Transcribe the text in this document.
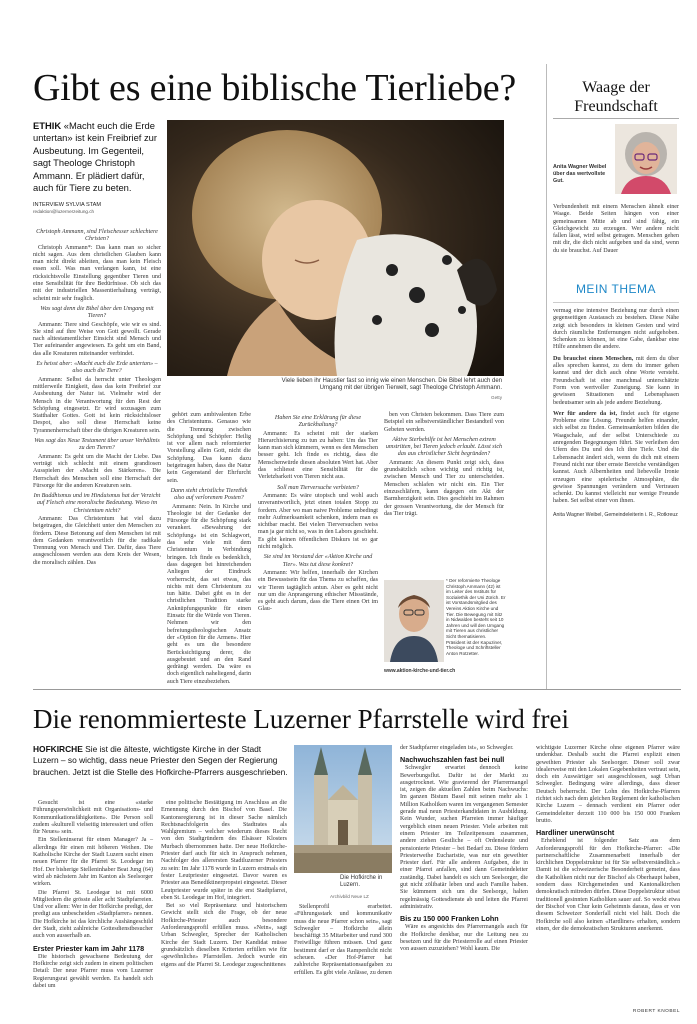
Gibt es eine biblische Tierliebe?
ETHIK «Macht euch die Erde untertan» ist kein Freibrief zur Ausbeutung. Im Gegenteil, sagt Theologe Christoph Ammann. Er plädiert dafür, auch für Tiere zu beten.
INTERVIEW SYLVIA STAM
redaktion@luzernerzeitung.ch
Viele lieben ihr Haustier fast so innig wie einen Menschen. Die Bibel lehrt auch den Umgang mit der übrigen Tierwelt, sagt Theologe Christoph Ammann.
Getty

Christoph Ammann, sind Fleischesser schlechtere Christen?

Christoph Ammann*: Das kann man so sicher nicht sagen. Aus dem christlichen Glauben kann man nicht direkt ableiten, dass man kein Fleisch essen soll. Was man verlangen kann, ist eine rücksichtsvolle Einstellung gegenüber Tieren und eine Sensibilität für ihre Bedürfnisse. Ob sich das mit der industriellen Massentierhaltung verträgt, scheint mir sehr fraglich.

Was sagt denn die Bibel über den Umgang mit Tieren?

Ammann: Tiere sind Geschöpfe, wie wir es sind. Sie sind auf ihre Weise von Gott gewollt. Gerade nach alttestamentlicher Einsicht sind Mensch und Tier aufeinander angewiesen. Es geht um ein Band, das alle Kreaturen miteinander verbindet.

Es heisst aber: «Macht euch die Erde untertan» – also auch die Tiere?

Ammann: Selbst da herrscht unter Theologen mittlerweile Einigkeit, dass das kein Freibrief zur Ausbeutung der Natur ist. Vielmehr wird der Mensch in die Verantwortung für den Rest der Schöpfung eingesetzt. Er wird sozusagen zum Statthalter Gottes. Gott ist kein rücksichtsloser Despot, also soll diese Herrschaft keine Tyrannenherrschaft über die übrigen Kreaturen sein.

Was sagt das Neue Testament über unser Verhältnis zu den Tieren?

Ammann: Es geht um die Macht der Liebe. Das verträgt sich schlecht mit einem grandiosen Ausspielen der «Macht des Stärkeren». Die Herrschaft des Menschen soll eine Herrschaft der Fürsorge für die anderen Kreaturen sein.

Im Buddhismus und im Hinduismus hat der Verzicht auf Fleisch eine moralische Bedeutung. Wieso im Christentum nicht?

Ammann: Das Christentum hat viel dazu beigetragen, die Gleichheit unter den Menschen zu fördern. Diese Betonung auf dem Menschen ist mit dem Gedanken verantwortlich für die radikale Trennung von Mensch und Tier. Dafür, dass Tiere ausgeschlossen werden aus dem Kreis der Wesen, die moralisch zählen. Das

gehört zum ambivalenten Erbe des Christentums. Genauso wie die Trennung zwischen Schöpfung und Schöpfer: Heilig ist vor allem nach reformierter Vorstellung allein Gott, nicht die Schöpfung. Das kann dazu beigetragen haben, dass die Natur kein Gegenstand der Ehrfurcht sein.

Dann steht christliche Tierethik also auf verlorenem Posten?

Ammann: Nein. In Kirche und Theologie ist der Gedanke der Fürsorge für die Schöpfung stark verankert. «Bewahrung der Schöpfung» ist ein Schlagwort, das sehr viele mit dem Christentum in Verbindung bringen. Ich finde es bedenklich, dass dagegen bei hinreichenden Anliegen der Eindruck vorherrscht, das sei etwas, das nichts mit dem Christentum zu tun hätte. Dabei gibt es in der christlichen Tradition starke Anknüpfungspunkte für einen Einsatz für die Würde von Tieren. Nehmen wir den befreiungstheologischen Ansatz der «Option für die Armen». Hier geht es um die besondere Berücksichtigung derer, die ausgebeutet und an den Rand gedrängt werden. Da wäre es doch eigentlich naheliegend, darin auch Tiere einzubeziehen.

Haben Sie eine Erklärung für diese Zurückhaltung?

Ammann: Es scheint mit der starken Hierarchisierung zu tun zu haben: Um das Tier kann man sich kümmern, wenn es den Menschen besser geht. Ich finde es richtig, dass die Menschenwürde diesen absoluten Wert hat. Aber das schliesst eine Sensibilität für die Verletzbarkeit von Tieren nicht aus.

Soll man Tierversuche verbieten?

Ammann: Es wäre utopisch und wohl auch unverantwortlich, jetzt einen totalen Stopp zu fordern. Aber wo man naive Probleme unbedingt mehr Aufmerksamkeit schenken, indem man es sichtbar macht. Bei vielen Tierversuchen weiss man ja gar nicht so, was in den Labors geschieht. Es gibt keinen öffentlichen Diskurs ist so gar nicht möglich.

Sie sind im Vorstand der «Aktion Kirche und Tier». Was tut diese konkret?

Ammann: Wir helfen, innerhalb der Kirchen ein Bewusstsein für das Thema zu schaffen, das wir Tieren tagtäglich antun. Aber es geht nicht nur um die Anprangerung ethischer Missstände, es geht auch darum, dass die Tiere einen Ort im Glau-

ben von Christen bekommen. Dass Tiere zum Beispiel ein selbstverständlicher Bestandteil von Gebeten werden.

Aktive Sterbehilfe ist bei Menschen extrem umstritten, bei Tieren jedoch erlaubt. Lässt sich das aus christlicher Sicht begründen?

Ammann: An diesem Punkt zeigt sich, dass grundsätzlich schon wichtig und richtig ist, zwischen Mensch und Tier zu unterscheiden. Menschen schlafen wir nicht ein. Ein Tier einzuschläfern, kann dagegen ein Akt der Barmherzigkeit sein. Dies geschieht im Rahmen der grossen Verantwortung, die der Mensch für das Tier trägt.

* Der reformierte Theologe Christoph Ammann (42) ist im Leiter des Instituts für Sozialethik der Uni Zürich. Er ist Vorstandsmitglied des Vereins Aktion Kirche und Tier. Die Bewegung mit Sitz in Nidwalden besteht seit 10 Jahren und will den Umgang mit Tieren aus christlicher Sicht thematisieren. Präsident ist der Kapuziner, Theologe und Schriftsteller Anton Rotzetter.
www.aktion-kirche-und-tier.ch
Waage der Freundschaft
Anita Wagner Weibel über das wertvollste Gut.

Verbundenheit mit einem Menschen ähnelt einer Waage. Beide Seiten hängen von einer gemeinsamen Mitte ab und sind fähig, ein Gleichgewicht zu erzeugen. Wer andere nicht fallen lässt, wird selbst getragen. Menschen gehen mit dir, die dich nicht aufgeben und da sind, wenn du sie brauchst. Auf Dauer

MEIN THEMA

vermag eine intensive Beziehung nur durch einen gegenseitigen Austausch zu bestehen. Diese Nähe zeigt sich besonders in kleinen Gesten und wird durch räumliche Entfernungen nicht aufgehoben. Schenken zu können, ist eine Gabe, dankbar eine Hilfe annehmen die andere.

Du brauchst einen Menschen, mit dem du über alles sprechen kannst, zu dem du immer gehen kannst und der dich auch ohne Worte versteht. Freundschaft ist eine manchmal unterschätzte Form von wertvoller Zuneigung. Sie kann in gewissen Situationen und Lebensphasen bedeutsamer sein als jede andere Beziehung.

Wer für andere da ist, findet auch für eigene Probleme eine Lösung. Freunde helfen einander, sich selbst zu finden. Gemeinsamkeiten bilden die Waagschale, auf der selbst Unterschiede zu anregenden Begegnungen führt. Sie verleihen den Ufern des Du und des Ich ihre Tiefe. Und die Lebensnacht ändert sich, wenn du dich mit einem Freund nicht nur über ernste Bereiche verständigen kannst. Auch Albernheiten und liebevolle Ironie erzeugen eine spielerische Atmosphäre, die gewisse Spannungen verändern und Vertrauen schenkt. Du kannst vielleicht nur wenige Freunde haben. Sei selbst einer von ihnen.

Anita Wagner Weibel, Gemeindeleiterin i. R., Rotkreuz

Die renommierteste Luzerner Pfarrstelle wird frei
HOFKIRCHE Sie ist die älteste, wichtigste Kirche in der Stadt Luzern – so wichtig, dass neue Priester den Segen der Regierung brauchen. Jetzt ist die Stelle des Hofkirche-Pfarrers ausgeschrieben.
Die Hofkirche in Luzern.
Archivbild Neue LZ

Gesucht ist eine «starke Führungspersönlichkeit mit Organisations- und Kommunikationsfähigkeiten». Die Person soll zudem «kulturell vielseitig interessiert und offen für Neues» sein.

Ein Stelleninserat für einen Manager? Ja – allerdings für einen mit höheren Weihen. Die Katholische Kirche der Stadt Luzern sucht einen neuen Pfarrer für die Pfarrei St. Leodegar im Hof. Der bisherige Stelleninhaber Beat Jung (64) wird ab nächstem Jahr im Kanton als Seelsorger wirken.

Die Pfarrei St. Leodegar ist mit 6000 Mitgliedern die grösste aller acht Stadtpfarreien. Und vor allem: Wer in der Hofkirche predigt, der predigt aus unbescheiden «Stadtpfarrer» nennen. Die Hofkirche ist das kirchliche Aushängeschild der Stadt, zieht zahlreiche Gottesdienstbesucher auch von ausserhalb an.

Erster Priester kam im Jahr 1178

Die historisch gewachsene Bedeutung der Hofkirche zeigt sich zudem in einem politischen Detail: Der neue Pfarrer muss vom Luzerner Regierungsrat gewählt werden. Es handelt sich dabei um

eine politische Bestätigung im Anschluss an die Ernennung durch den Bischof von Basel. Die Kantonsregierung ist in dieser Sache nämlich Rechtsnachfolgerin des Stadtrates als Wahlgremium – welcher wiederum dieses Recht von den Stadtgründern des Elsässer Klosters Murbach übernommen hatte. Der neue Hofkirche-Priester darf auch für sich in Anspruch nehmen, Nachfolger des allerersten Stadtluzerner Priesters zu sein: Im Jahr 1178 wurde in Luzern erstmals ein fester Leutpriester eingesetzt. Davor waren es Priester aus Benediktinerpropstei eingesetzt. Dieser Leutpriester wurde später in die erst Stadtpfarrei, eben St. Leodegar im Hof, integriert.

Bei so viel Repräsentanz und historischem Gewicht stellt sich die Frage, ob der neue Hofkirche-Priester auch besondere Anforderungsprofil erfüllen muss. «Nein», sagt Urban Schwegler, Sprecher der Katholischen Kirche der Stadt Luzern. Der Kandidat müsse grundsätzlich dieselben Kriterien erfüllen wie für «gewöhnliche» Pfarrstellen. Jedoch wurde ein eigens auf die Pfarrei St. Leodegar zugeschnittenes

Stellenprofil erarbeitet. «Führungsstark und kommunikativ muss die neue Pfarrer schon sein», sagt Schwegler – Hofkirche allein beschäftigt 35 Mitarbeiter und rund 300 Freiwillige führen müssen. Und ganz bestimmt darf er das Rampenlicht nicht scheuen. «Der Hof-Pfarrer hat zahlreiche Repräsentationsaufgaben zu erfüllen. Es gibt viele Anlässe, zu denen

der Stadtpfarrer eingeladen ist», so Schwegler.

Nachwuchszahlen fast bei null

Schwegler erwartet dennoch keine Bewerbungsflut. Dafür ist der Markt zu ausgetrocknet. Wie gravierend der Pfarrermangel ist, zeigen die aktuellen Zahlen beim Nachwuchs: Im ganzen Bistum Basel mit seinen mehr als 1 Million Katholiken waren im vergangenen Semester gerade mal neun Priesterkandidaten in Ausbildung. Kein Wunder, suchen Pfarreien immer häufiger vergeblich einen neuen Priester. Viele arbeiten mit einem Priester im Teilzeitpensum zusammen, andere ziehen Gestliche – oft Ordensleute und pensionierte Priester – bei Bedarf zu. Diese fördern Priesterweihe Eucharistie, was nur ein geweihter Priester darf. Für alle anderen Aufgaben, die in einer Pfarrei anfallen, sind dann Gemeindeleiter zuständig. Dabei handelt es sich um Seelsorger, die gut nicht zölibatär leben und auch Familie haben. Sie kümmern sich um die Seelsorge, halten regelmässig Gottesdienste ab und leiten die Pfarrei administrativ.

Bis zu 150 000 Franken Lohn

Wäre es angesichts des Pfarrermangels auch für die Hofkirche denkbar, nur die Leitung neu zu besetzen und für die Priesterrolle auf einen Priester von aussen zuzuziehen? Wohl kaum. Die

wichtigste Luzerner Kirche ohne eigenen Pfarrer wäre undenkbar. Deshalb sucht die Pfarrei explizit einen geweihten Priester als Seelsorger. Dieser soll zwar idealerweise mit den Lokalen Gegebenheiten vertraut sein, doch ein Auswärtiger sei ausgeschlossen, sagt Urban Schwegler. Bedingung wäre allerdings, dass dieser Deutsch beherrscht. Der Lohn des Hofkirche-Pfarrers richtet sich nach dem gleichen Reglement der katholischen Kirche Luzern – dennach verdient ein Pfarrer oder Gemeindeleiter derzeit 110 000 bis 150 000 Franken brutto.

Hardliner unerwünscht

Erheblend ist folgender Satz aus dem Anforderungsprofil für den Hofkirche-Pfarrer: «Die partnerschaftliche Zusammenarbeit innerhalb der kirchlichen Doppelstruktur ist für Sie selbstverständlich.» Damit ist die schweizerische Besonderheit gemeint, dass die Katholiken nicht nur der Bischof als Oberhaupt haben, sondern dass Kirchgemeinden und Kantonalkirchen demokratisch mitreden dürfen. Diese Doppelstruktur stösst traditionell gesinnten Katholiken sauer auf. So weckt etwa der Bischof von Chur kein Geheimnis daraus, dass er von diesem Schweizer Sonderfall nicht viel hält. Doch die Hofkirche soll also keinen «Hardliner» erhalten, sondern einen, der die demokratischen Strukturen anerkennt.

ROBERT KNOBEL
